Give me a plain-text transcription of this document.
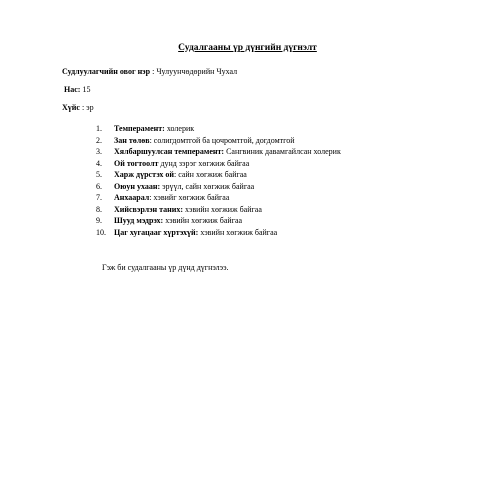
Судалгааны үр дүнгийн дүгнэлт
Судлуулагчийн овог нэр : Чулуунчөдөрийн Чухал
Нас: 15
Хүйс : эр
1. Темперамент: холерик
2. Зан төлөв: солигдомтгой ба цочромтгой, догдомтгой
3. Хялбаршуулсан темперамент: Сангвиник давамгайлсан холерик
4. Ой тогтоолт дунд зэрэг хөгжиж байгаа
5. Харж дүрстэх ой: сайн хөгжиж байгаа
6. Оюун ухаан: эрүүл, сайн хөгжиж байгаа
7. Анхаарал: хэвийг хөгжиж байгаа
8. Хийсвэрлэн таних: хэвийн хөгжиж байгаа
9. Шууд мэдрэх: хэвийн хөгжиж байгаа
10. Цаг хугацааг хүртэхүй: хэвийн хөгжиж байгаа
Гэж би судалгааны үр дүнд дүгнэлээ.
